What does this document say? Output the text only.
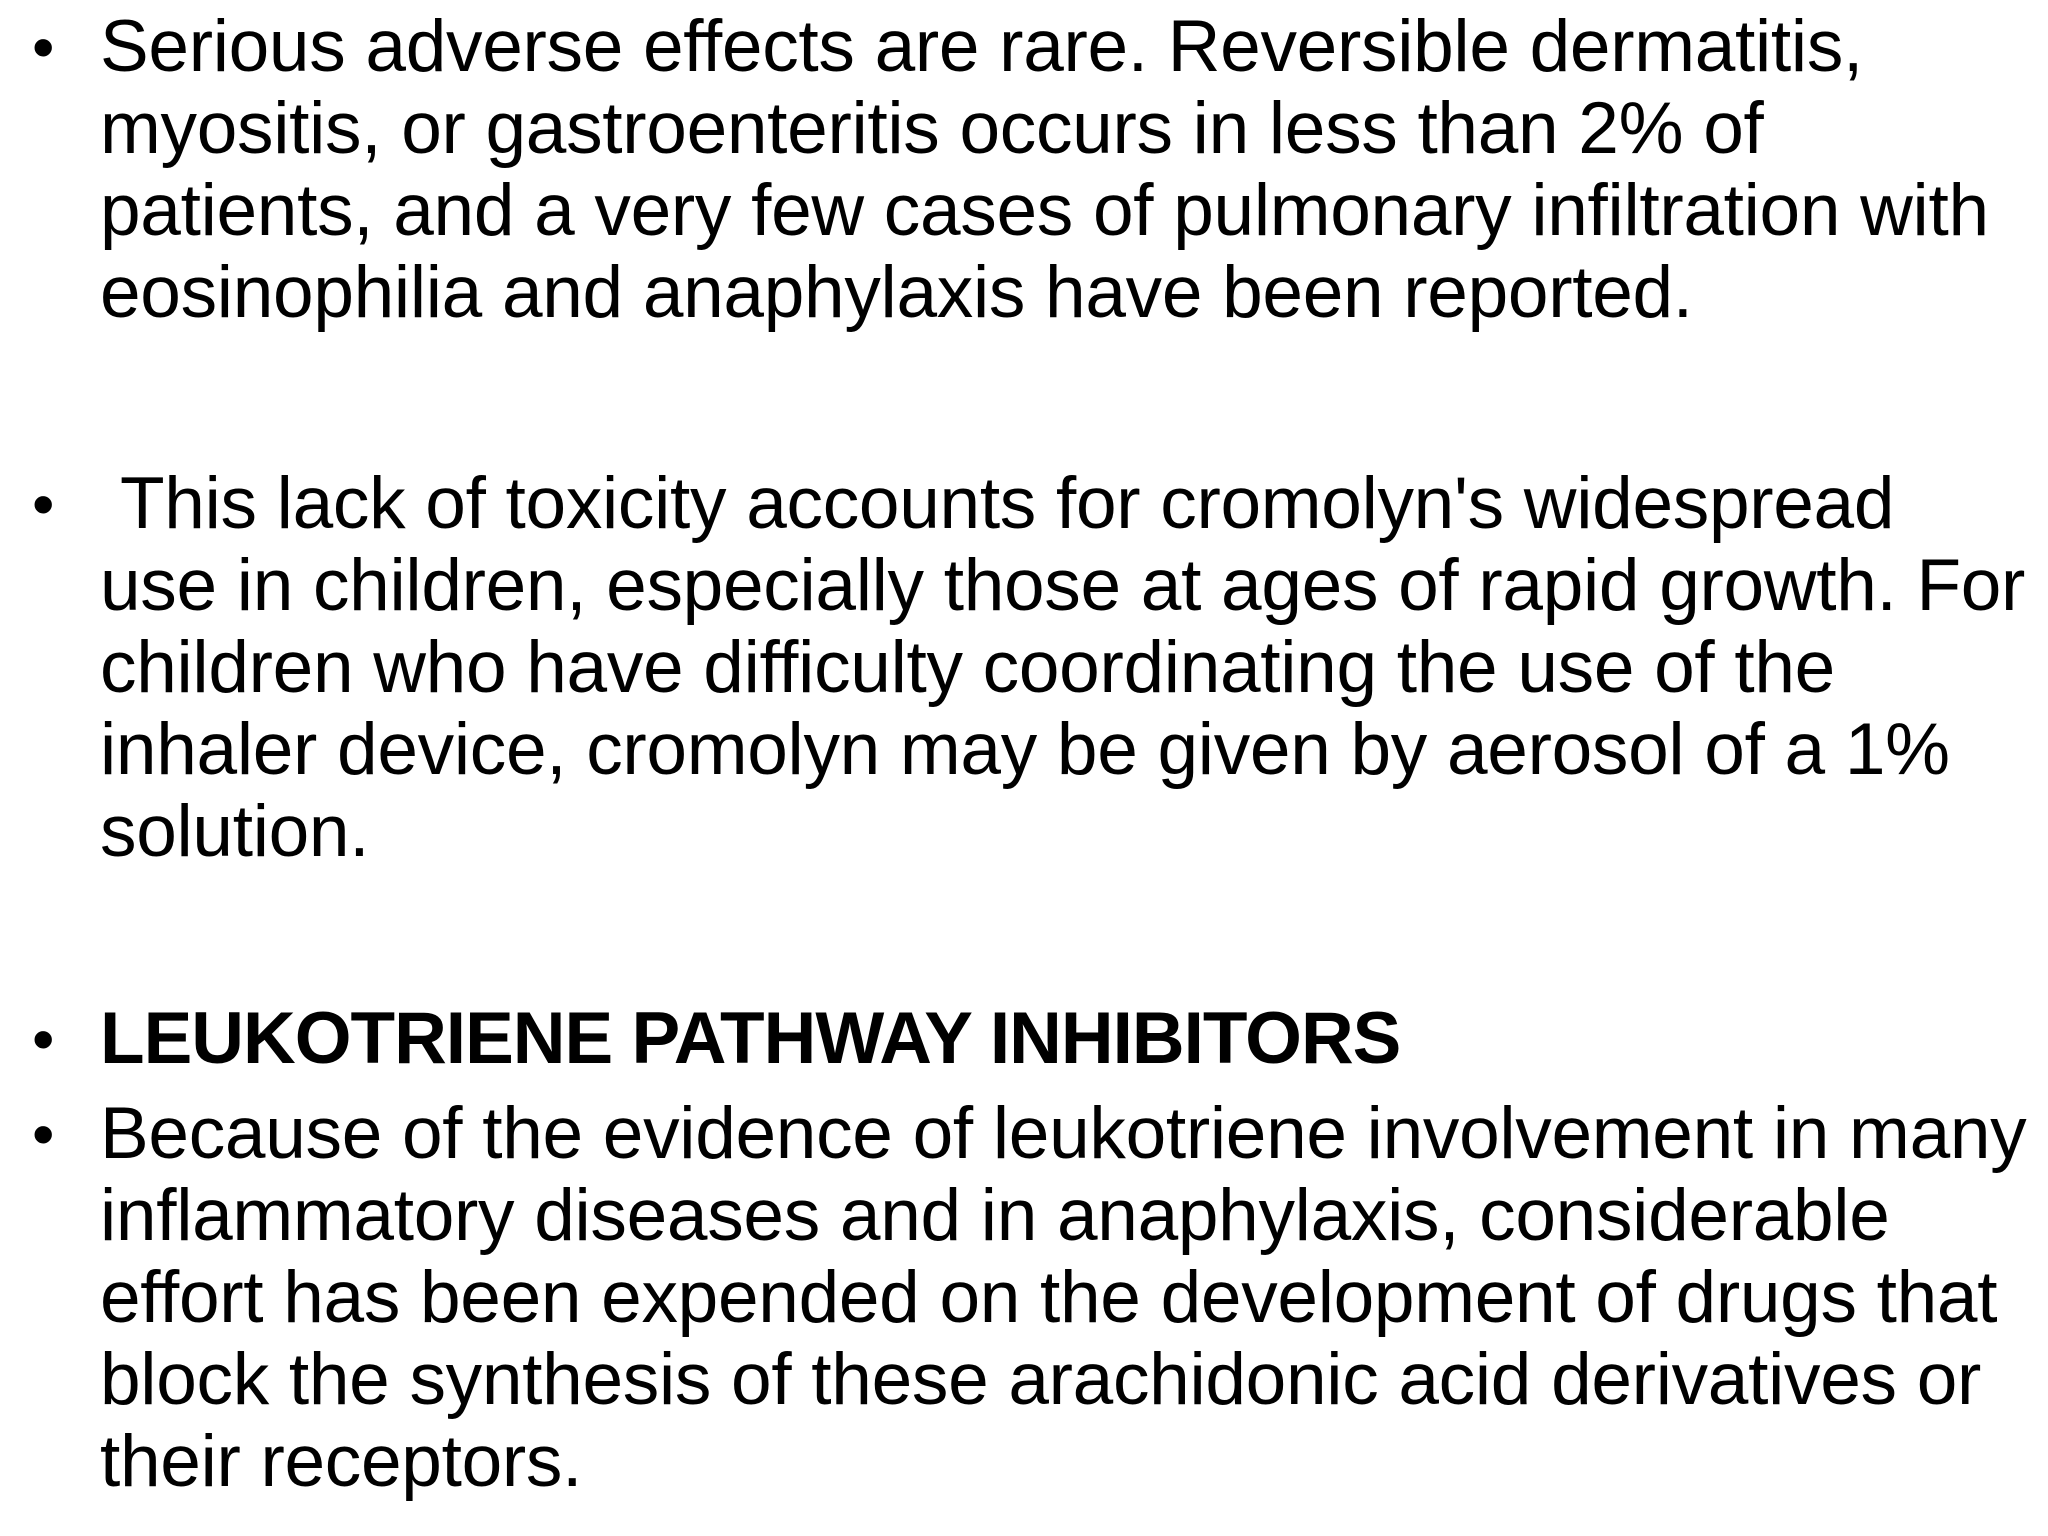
• Serious adverse effects are rare. Reversible dermatitis, myositis, or gastroenteritis occurs in less than 2% of patients, and a very few cases of pulmonary infiltration with eosinophilia and anaphylaxis have been reported.
• This lack of toxicity accounts for cromolyn's widespread use in children, especially those at ages of rapid growth. For children who have difficulty coordinating the use of the inhaler device, cromolyn may be given by aerosol of a 1% solution.
• LEUKOTRIENE PATHWAY INHIBITORS
• Because of the evidence of leukotriene involvement in many inflammatory diseases and in anaphylaxis, considerable effort has been expended on the development of drugs that block the synthesis of these arachidonic acid derivatives or their receptors.
